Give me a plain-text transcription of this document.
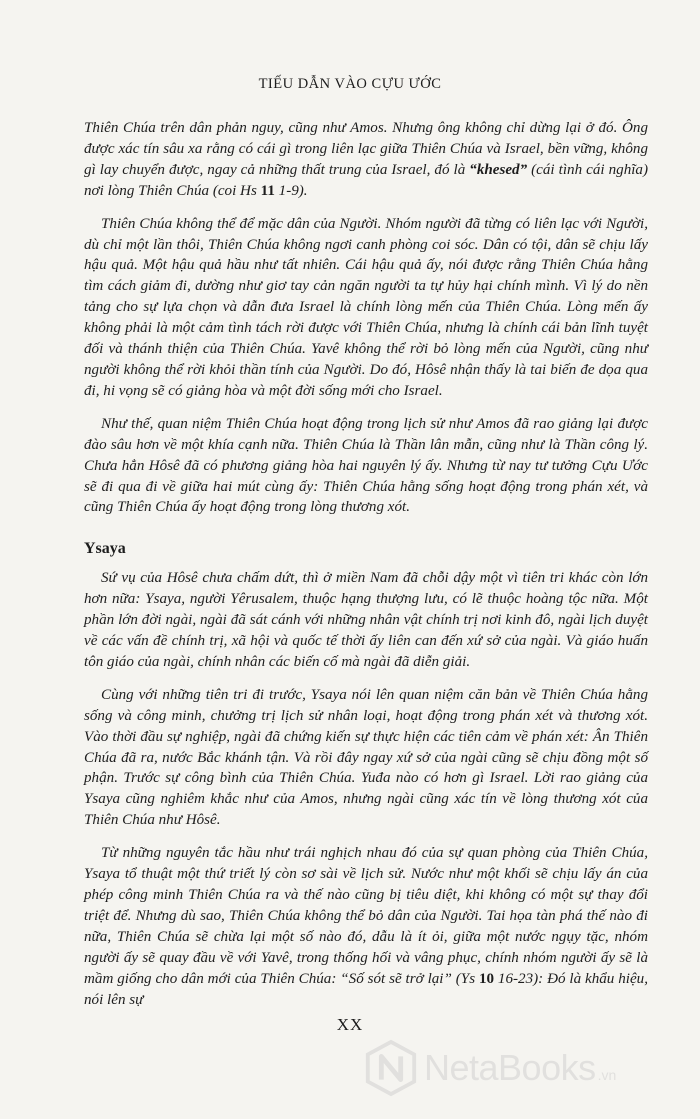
TIẾU DẪN VÀO CỰU ƯỚC

Thiên Chúa trên dân phản nguy, cũng như Amos. Nhưng ông không chỉ dừng lại ở đó. Ông được xác tín sâu xa rằng có cái gì trong liên lạc giữa Thiên Chúa và Israel, bền vững, không gì lay chuyển được, ngay cả những thất trung của Israel, đó là “khesed” (cái tình cái nghĩa) nơi lòng Thiên Chúa (coi Hs 11 1-9).

Thiên Chúa không thể để mặc dân của Người. Nhóm người đã từng có liên lạc với Người, dù chỉ một lần thôi, Thiên Chúa không ngơi canh phòng coi sóc. Dân có tội, dân sẽ chịu lấy hậu quả. Một hậu quả hầu như tất nhiên. Cái hậu quả ấy, nói được rằng Thiên Chúa hằng tìm cách giảm đi, dường như giơ tay cản ngăn người ta tự hủy hại chính mình. Vì lý do nền tảng cho sự lựa chọn và dẫn đưa Israel là chính lòng mến của Thiên Chúa. Lòng mến ấy không phải là một cảm tình tách rời được với Thiên Chúa, nhưng là chính cái bản lĩnh tuyệt đối và thánh thiện của Thiên Chúa. Yavê không thể rời bỏ lòng mến của Người, cũng như người không thể rời khỏi thần tính của Người. Do đó, Hôsê nhận thấy là tai biến đe dọa qua đi, hi vọng sẽ có giảng hòa và một đời sống mới cho Israel.

Như thế, quan niệm Thiên Chúa hoạt động trong lịch sử như Amos đã rao giảng lại được đào sâu hơn về một khía cạnh nữa. Thiên Chúa là Thần lân mẫn, cũng như là Thần công lý. Chưa hẳn Hôsê đã có phương giảng hòa hai nguyên lý ấy. Nhưng từ nay tư tưởng Cựu Ước sẽ đi qua đi về giữa hai mút cùng ấy: Thiên Chúa hằng sống hoạt động trong phán xét, và cũng Thiên Chúa ấy hoạt động trong lòng thương xót.

Ysaya

Sứ vụ của Hôsê chưa chấm dứt, thì ở miền Nam đã chỗi dậy một vì tiên tri khác còn lớn hơn nữa: Ysaya, người Yêrusalem, thuộc hạng thượng lưu, có lẽ thuộc hoàng tộc nữa. Một phần lớn đời ngài, ngài đã sát cánh với những nhân vật chính trị nơi kinh đô, ngài lịch duyệt về các vấn đề chính trị, xã hội và quốc tế thời ấy liên can đến xứ sở của ngài. Và giáo huấn tôn giáo của ngài, chính nhân các biến cố mà ngài đã diễn giải.

Cùng với những tiên tri đi trước, Ysaya nói lên quan niệm căn bản về Thiên Chúa hằng sống và công minh, chưởng trị lịch sử nhân loại, hoạt động trong phán xét và thương xót. Vào thời đầu sự nghiệp, ngài đã chứng kiến sự thực hiện các tiên cảm về phán xét: Ân Thiên Chúa đã ra, nước Bắc khánh tận. Và rồi đây ngay xứ sở của ngài cũng sẽ chịu đồng một số phận. Trước sự công bình của Thiên Chúa. Yuđa nào có hơn gì Israel. Lời rao giảng của Ysaya cũng nghiêm khắc như của Amos, nhưng ngài cũng xác tín về lòng thương xót của Thiên Chúa như Hôsê.

Từ những nguyên tắc hầu như trái nghịch nhau đó của sự quan phòng của Thiên Chúa, Ysaya tổ thuật một thứ triết lý còn sơ sài về lịch sử. Nước như một khối sẽ chịu lấy án của phép công minh Thiên Chúa ra và thế nào cũng bị tiêu diệt, khi không có một sự thay đổi triệt để. Nhưng dù sao, Thiên Chúa không thể bỏ dân của Người. Tai họa tàn phá thế nào đi nữa, Thiên Chúa sẽ chừa lại một số nào đó, dẫu là ít ỏi, giữa một nước ngụy tặc, nhóm người ấy sẽ quay đầu về với Yavê, trong thống hối và vâng phục, chính nhóm người ấy sẽ là mầm giống cho dân mới của Thiên Chúa: “Số sót sẽ trở lại” (Ys 10 16-23): Đó là khẩu hiệu, nói lên sự

XX
NetaBooks .vn
